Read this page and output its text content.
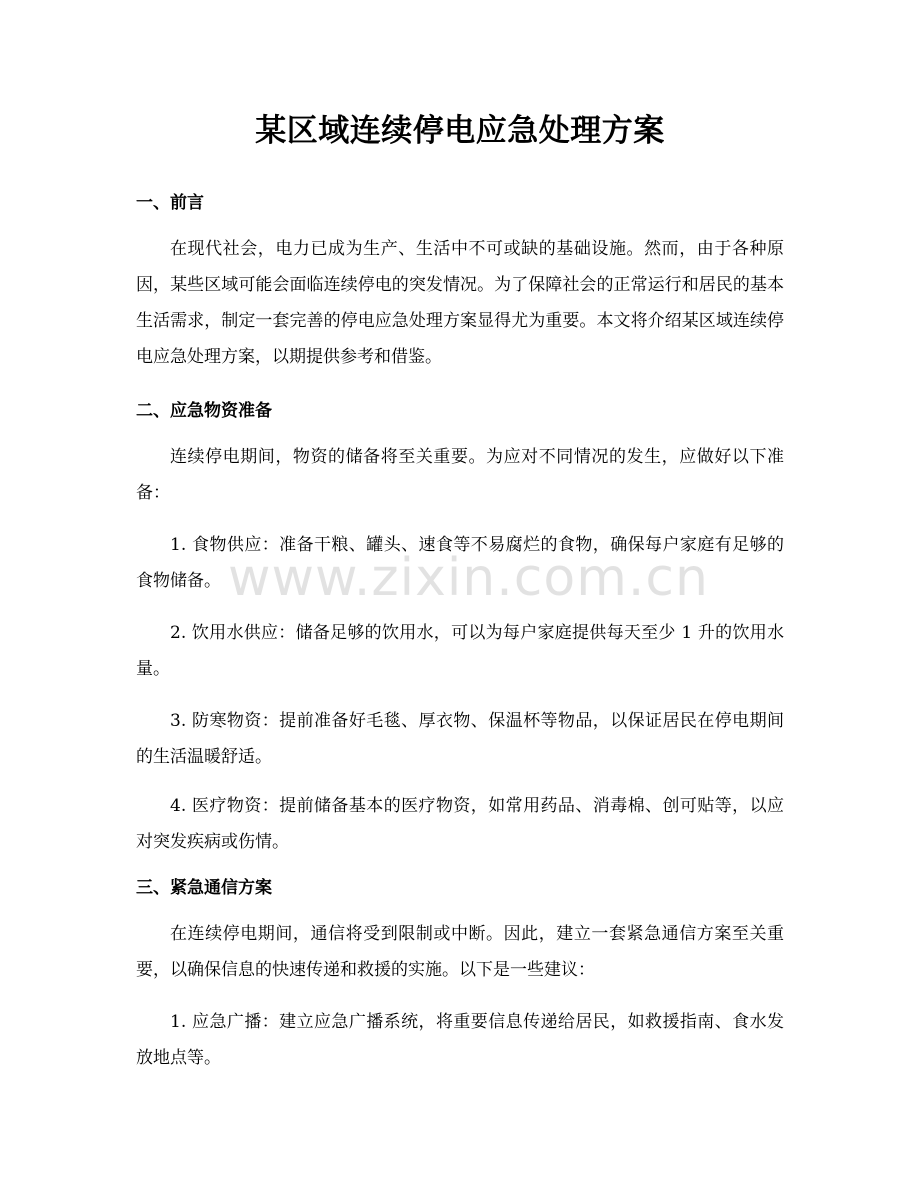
某区域连续停电应急处理方案
一、前言

在现代社会，电力已成为生产、生活中不可或缺的基础设施。然而，由于各种原因，某些区域可能会面临连续停电的突发情况。为了保障社会的正常运行和居民的基本生活需求，制定一套完善的停电应急处理方案显得尤为重要。本文将介绍某区域连续停电应急处理方案，以期提供参考和借鉴。

二、应急物资准备

连续停电期间，物资的储备将至关重要。为应对不同情况的发生，应做好以下准备：

1. 食物供应：准备干粮、罐头、速食等不易腐烂的食物，确保每户家庭有足够的食物储备。

2. 饮用水供应：储备足够的饮用水，可以为每户家庭提供每天至少 1 升的饮用水量。

3. 防寒物资：提前准备好毛毯、厚衣物、保温杯等物品，以保证居民在停电期间的生活温暖舒适。

4. 医疗物资：提前储备基本的医疗物资，如常用药品、消毒棉、创可贴等，以应对突发疾病或伤情。

三、紧急通信方案

在连续停电期间，通信将受到限制或中断。因此，建立一套紧急通信方案至关重要，以确保信息的快速传递和救援的实施。以下是一些建议：

1. 应急广播：建立应急广播系统，将重要信息传递给居民，如救援指南、食水发放地点等。

www.zixin.com.cn
